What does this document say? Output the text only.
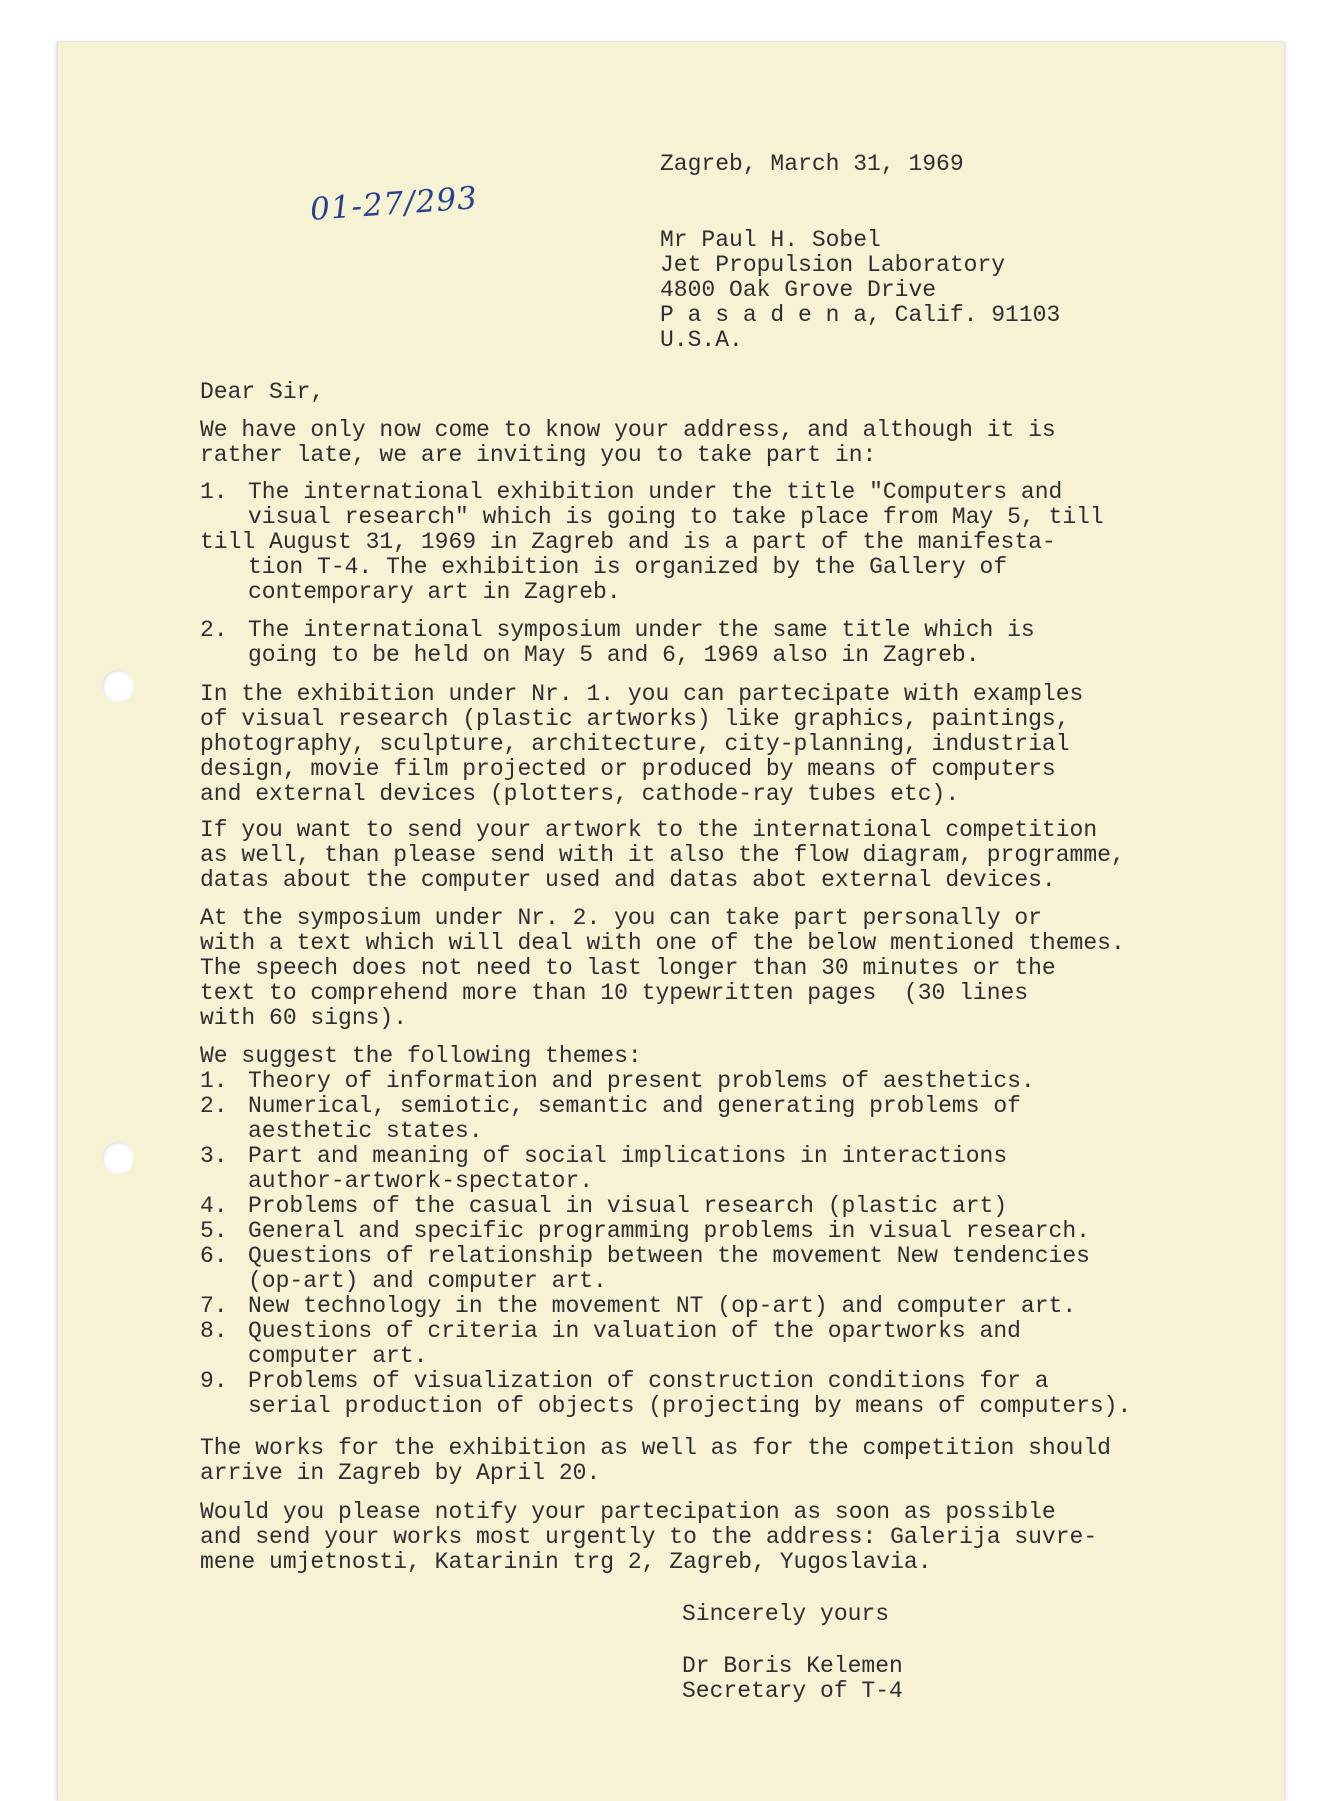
01-27/293
Zagreb, March 31, 1969
Mr Paul H. Sobel
Jet Propulsion Laboratory
4800 Oak Grove Drive
P a s a d e n a, Calif. 91103
U.S.A.
Dear Sir,
We have only now come to know your address, and although it is
rather late, we are inviting you to take part in:
1. The international exhibition under the title "Computers and
visual research" which is going to take place from May 5, till
till August 31, 1969 in Zagreb and is a part of the manifesta-
tion T-4. The exhibition is organized by the Gallery of
contemporary art in Zagreb.
2. The international symposium under the same title which is
going to be held on May 5 and 6, 1969 also in Zagreb.
In the exhibition under Nr. 1. you can partecipate with examples
of visual research (plastic artworks) like graphics, paintings,
photography, sculpture, architecture, city-planning, industrial
design, movie film projected or produced by means of computers
and external devices (plotters, cathode-ray tubes etc).
If you want to send your artwork to the international competition
as well, than please send with it also the flow diagram, programme,
datas about the computer used and datas abot external devices.
At the symposium under Nr. 2. you can take part personally or
with a text which will deal with one of the below mentioned themes.
The speech does not need to last longer than 30 minutes or the
text to comprehend more than 10 typewritten pages  (30 lines
with 60 signs).
We suggest the following themes:
1. Theory of information and present problems of aesthetics.
2. Numerical, semiotic, semantic and generating problems of
aesthetic states.
3. Part and meaning of social implications in interactions
author-artwork-spectator.
4. Problems of the casual in visual research (plastic art)
5. General and specific programming problems in visual research.
6. Questions of relationship between the movement New tendencies
(op-art) and computer art.
7. New technology in the movement NT (op-art) and computer art.
8. Questions of criteria in valuation of the opartworks and
computer art.
9. Problems of visualization of construction conditions for a
serial production of objects (projecting by means of computers).
The works for the exhibition as well as for the competition should
arrive in Zagreb by April 20.
Would you please notify your partecipation as soon as possible
and send your works most urgently to the address: Galerija suvre-
mene umjetnosti, Katarinin trg 2, Zagreb, Yugoslavia.
Sincerely yours
Dr Boris Kelemen
Secretary of T-4
